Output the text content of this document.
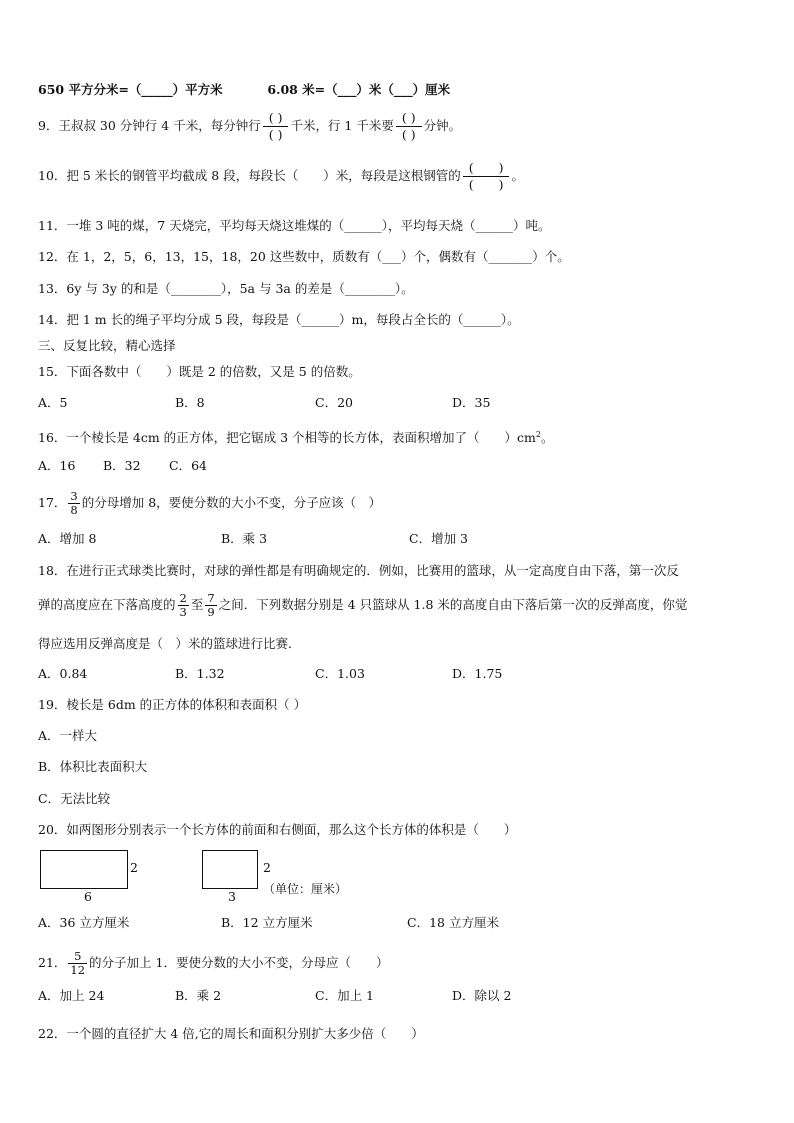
650 平方分米=（_____）平方米	6.08 米=（___）米（___）厘米
9．王叔叔 30 分钟行 4 千米，每分钟行
( )
( )
千米，行 1 千米要
( )
( )
分钟。
10．把 5 米长的钢管平均截成 8 段，每段长（　　）米，每段是这根钢管的
(　　)
(　　)
。
11．一堆 3 吨的煤，7 天烧完，平均每天烧这堆煤的（______），平均每天烧（______）吨。
12．在 1，2，5，6，13，15，18，20 这些数中，质数有（___）个，偶数有（_______）个。
13．6y 与 3y 的和是（________），5a 与 3a 的差是（________）。
14．把 1 m 长的绳子平均分成 5 段，每段是（______）m，每段占全长的（______）。
三、反复比较，精心选择
15．下面各数中（　　）既是 2 的倍数，又是 5 的倍数。
A．5	B．8	C．20	D．35
16．一个棱长是 4cm 的正方体，把它锯成 3 个相等的长方体，表面积增加了（　　）$cm^2$。
A．16 B．32 C．64
17． $\frac{3}{8}$ 的分母增加 8，要使分数的大小不变，分子应该（　）
A．增加 8	B．乘 3	C．增加 3
18．在进行正式球类比赛时，对球的弹性都是有明确规定的．例如，比赛用的篮球，从一定高度自由下落，第一次反
弹的高度应在下落高度的 $\frac{2}{3}$ 至 $\frac{7}{9}$ 之间．下列数据分别是 4 只篮球从 1.8 米的高度自由下落后第一次的反弹高度，你觉
得应选用反弹高度是（　）米的篮球进行比赛．
A．0.84	B．1.32	C．1.03	D．1.75
19．棱长是 6dm 的正方体的体积和表面积（ ）
A．一样大
B．体积比表面积大
C．无法比较
20．如两图形分别表示一个长方体的前面和右侧面，那么这个长方体的体积是（　　）
2
6
2
3 （单位：厘米）
A．36 立方厘米	B．12 立方厘米	C．18 立方厘米
21． $\frac{5}{12}$ 的分子加上 1．要使分数的大小不变，分母应（　　）
A．加上 24	B．乘 2	C．加上 1	D．除以 2
22．一个圆的直径扩大 4 倍,它的周长和面积分别扩大多少倍（　　）
